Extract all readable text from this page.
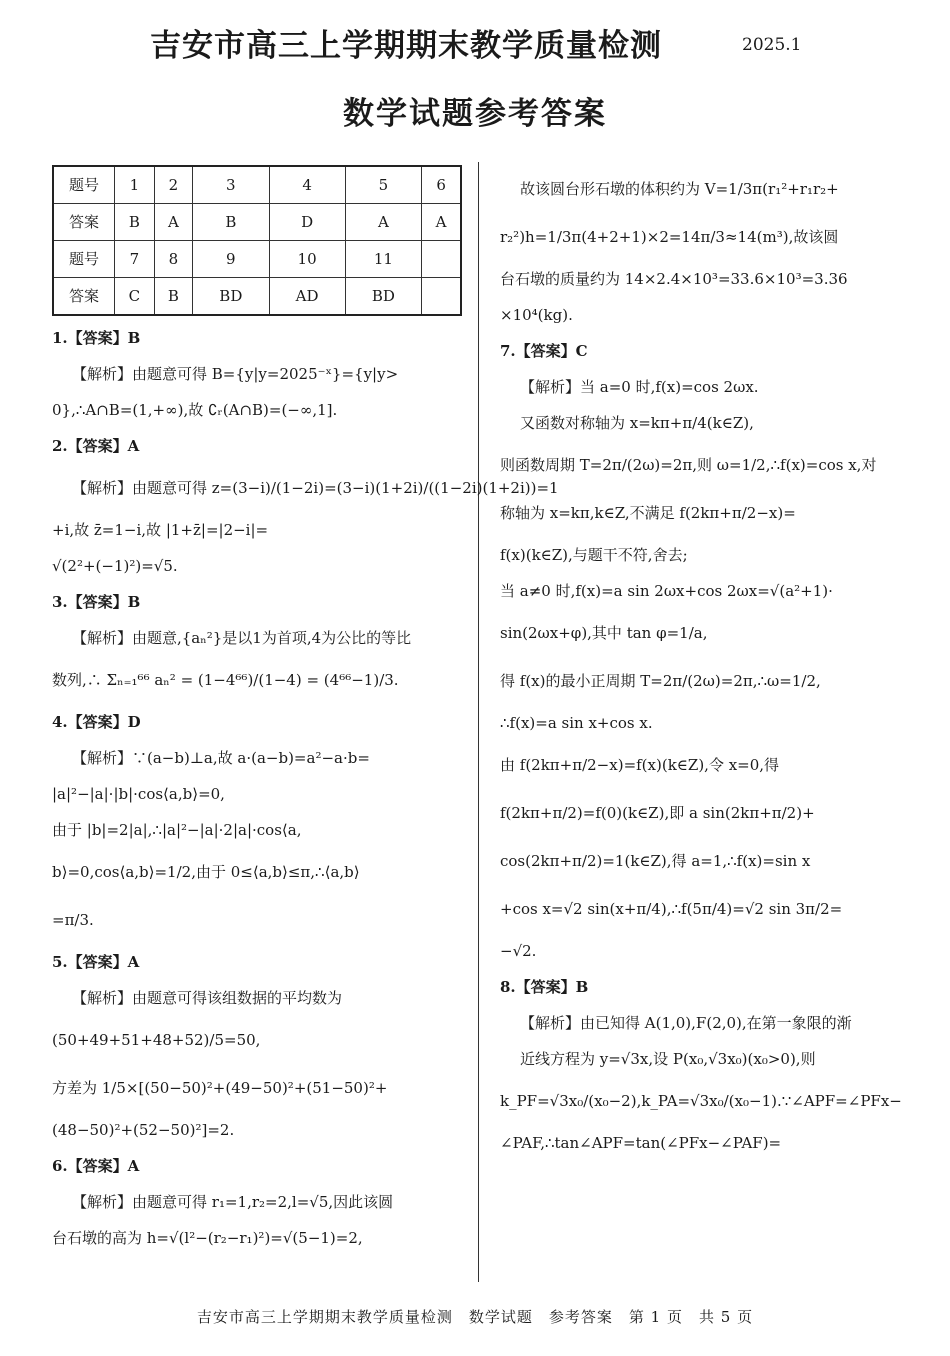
吉安市高三上学期期末教学质量检测	2025.1
数学试题参考答案
题号	1	2	3	4	5	6
答案	B	A	B	D	A	A
题号	7	8	9	10	11	
答案	C	B	BD	AD	BD	
1.【答案】B
【解析】由题意可得 B={y|y=2025⁻ˣ}={y|y>
0},∴A∩B=(1,+∞),故 ∁ᵣ(A∩B)=(−∞,1].
2.【答案】A
【解析】由题意可得 z=(3−i)/(1−2i)=(3−i)(1+2i)/((1−2i)(1+2i))=1
+i,故 z̄=1−i,故 |1+z̄|=|2−i|=
√(2²+(−1)²)=√5.
3.【答案】B
【解析】由题意,{aₙ²}是以1为首项,4为公比的等比
数列,∴ Σₙ₌₁⁶⁶ aₙ² = (1−4⁶⁶)/(1−4) = (4⁶⁶−1)/3.
4.【答案】D
【解析】∵(a−b)⊥a,故 a·(a−b)=a²−a·b=
|a|²−|a|·|b|·cos⟨a,b⟩=0,
由于 |b|=2|a|,∴|a|²−|a|·2|a|·cos⟨a,
b⟩=0,cos⟨a,b⟩=1/2,由于 0≤⟨a,b⟩≤π,∴⟨a,b⟩
=π/3.
5.【答案】A
【解析】由题意可得该组数据的平均数为
(50+49+51+48+52)/5=50,
方差为 1/5×[(50−50)²+(49−50)²+(51−50)²+
(48−50)²+(52−50)²]=2.
6.【答案】A
【解析】由题意可得 r₁=1,r₂=2,l=√5,因此该圆
台石墩的高为 h=√(l²−(r₂−r₁)²)=√(5−1)=2,
故该圆台形石墩的体积约为 V=1/3π(r₁²+r₁r₂+
r₂²)h=1/3π(4+2+1)×2=14π/3≈14(m³),故该圆
台石墩的质量约为 14×2.4×10³=33.6×10³=3.36
×10⁴(kg).
7.【答案】C
【解析】当 a=0 时,f(x)=cos 2ωx.
又函数对称轴为 x=kπ+π/4(k∈Z),
则函数周期 T=2π/(2ω)=2π,则 ω=1/2,∴f(x)=cos x,对
称轴为 x=kπ,k∈Z,不满足 f(2kπ+π/2−x)=
f(x)(k∈Z),与题干不符,舍去;
当 a≠0 时,f(x)=a sin 2ωx+cos 2ωx=√(a²+1)·
sin(2ωx+φ),其中 tan φ=1/a,
得 f(x)的最小正周期 T=2π/(2ω)=2π,∴ω=1/2,
∴f(x)=a sin x+cos x.
由 f(2kπ+π/2−x)=f(x)(k∈Z),令 x=0,得
f(2kπ+π/2)=f(0)(k∈Z),即 a sin(2kπ+π/2)+
cos(2kπ+π/2)=1(k∈Z),得 a=1,∴f(x)=sin x
+cos x=√2 sin(x+π/4),∴f(5π/4)=√2 sin 3π/2=
−√2.
8.【答案】B
【解析】由已知得 A(1,0),F(2,0),在第一象限的渐
近线方程为 y=√3x,设 P(x₀,√3x₀)(x₀>0),则
k_PF=√3x₀/(x₀−2),k_PA=√3x₀/(x₀−1).∵∠APF=∠PFx−
∠PAF,∴tan∠APF=tan(∠PFx−∠PAF)=
吉安市高三上学期期末教学质量检测　数学试题　参考答案　第 1 页　共 5 页
